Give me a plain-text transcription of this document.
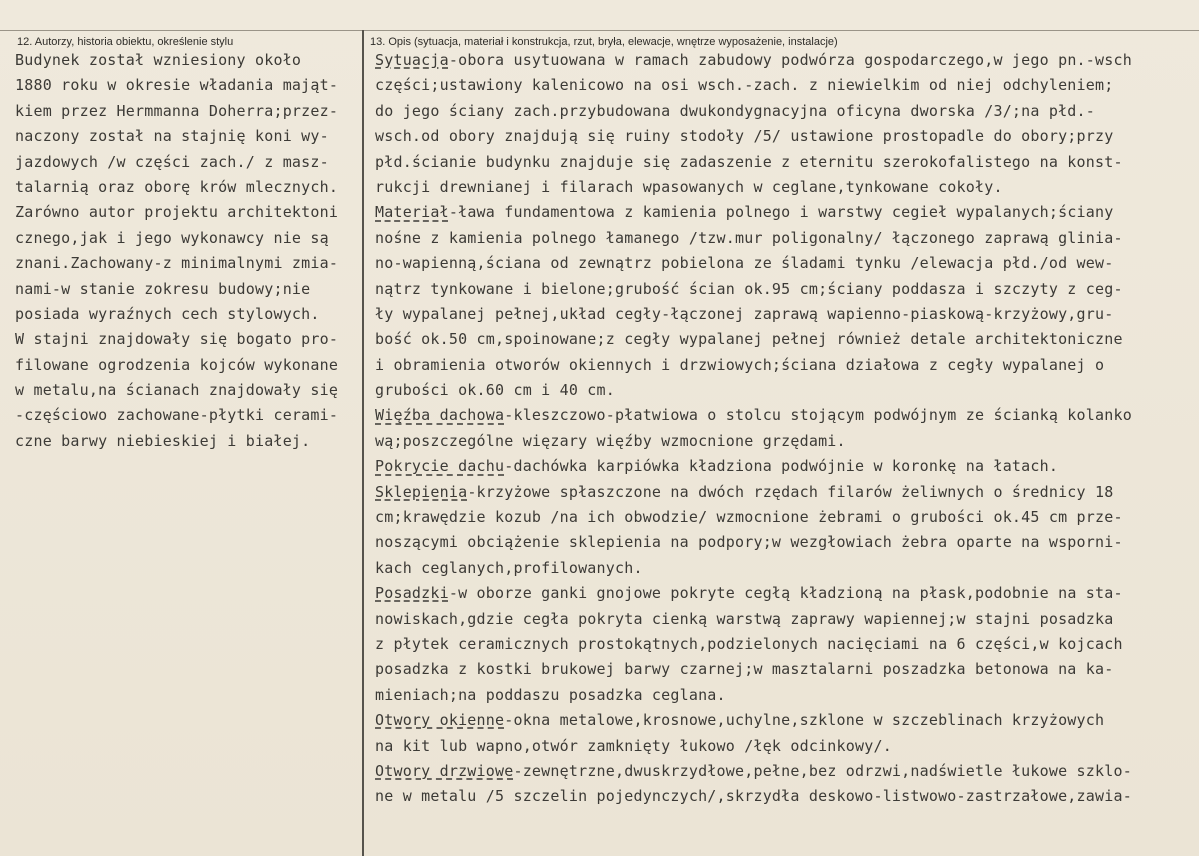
12. Autorzy, historia obiektu, określenie stylu	13. Opis (sytuacja, materiał i konstrukcja, rzut, bryła, elewacje, wnętrze wyposażenie, instalacje)
Budynek został wzniesiony około
1880 roku w okresie władania mająt-
kiem przez Hermmanna Doherra;przez-
naczony został na stajnię koni wy-
jazdowych /w części zach./ z masz-
talarnią oraz oborę krów mlecznych.
Zarówno autor projektu architektoni
cznego,jak i jego wykonawcy nie są
znani.Zachowany-z minimalnymi zmia-
nami-w stanie zokresu budowy;nie
posiada wyraźnych cech stylowych.
W stajni znajdowały się bogato pro-
filowane ogrodzenia kojców wykonane
w metalu,na ścianach znajdowały się
-częściowo zachowane-płytki cerami-
czne barwy niebieskiej i białej.
Sytuacja-obora usytuowana w ramach zabudowy podwórza gospodarczego,w jego pn.-wsch
części;ustawiony kalenicowo na osi wsch.-zach. z niewielkim od niej odchyleniem;
do jego ściany zach.przybudowana dwukondygnacyjna oficyna dworska /3/;na płd.-
wsch.od obory znajdują się ruiny stodoły /5/ ustawione prostopadle do obory;przy
płd.ścianie budynku znajduje się zadaszenie z eternitu szerokofalistego na konst-
rukcji drewnianej i filarach wpasowanych w ceglane,tynkowane cokoły.
Materiał-ława fundamentowa z kamienia polnego i warstwy cegieł wypalanych;ściany
nośne z kamienia polnego łamanego /tzw.mur poligonalny/ łączonego zaprawą glinia-
no-wapienną,ściana od zewnątrz pobielona ze śladami tynku /elewacja płd./od wew-
nątrz tynkowane i bielone;grubość ścian ok.95 cm;ściany poddasza i szczyty z ceg-
ły wypalanej pełnej,układ cegły-łączonej zaprawą wapienno-piaskową-krzyżowy,gru-
bość ok.50 cm,spoinowane;z cegły wypalanej pełnej również detale architektoniczne
i obramienia otworów okiennych i drzwiowych;ściana działowa z cegły wypalanej o
grubości ok.60 cm i 40 cm.
Więźba dachowa-kleszczowo-płatwiowa o stolcu stojącym podwójnym ze ścianką kolanko
wą;poszczególne więzary więźby wzmocnione grzędami.
Pokrycie dachu-dachówka karpiówka kładziona podwójnie w koronkę na łatach.
Sklepienia-krzyżowe spłaszczone na dwóch rzędach filarów żeliwnych o średnicy 18
cm;krawędzie kozub /na ich obwodzie/ wzmocnione żebrami o grubości ok.45 cm prze-
noszącymi obciążenie sklepienia na podpory;w wezgłowiach żebra oparte na wsporni-
kach ceglanych,profilowanych.
Posadzki-w oborze ganki gnojowe pokryte cegłą kładzioną na płask,podobnie na sta-
nowiskach,gdzie cegła pokryta cienką warstwą zaprawy wapiennej;w stajni posadzka
z płytek ceramicznych prostokątnych,podzielonych nacięciami na 6 części,w kojcach
posadzka z kostki brukowej barwy czarnej;w masztalarni poszadzka betonowa na ka-
mieniach;na poddaszu posadzka ceglana.
Otwory okienne-okna metalowe,krosnowe,uchylne,szklone w szczeblinach krzyżowych
na kit lub wapno,otwór zamknięty łukowo /łęk odcinkowy/.
Otwory drzwiowe-zewnętrzne,dwuskrzydłowe,pełne,bez odrzwi,nadświetle łukowe szklo-
ne w metalu /5 szczelin pojedynczych/,skrzydła deskowo-listwowo-zastrzałowe,zawia-
